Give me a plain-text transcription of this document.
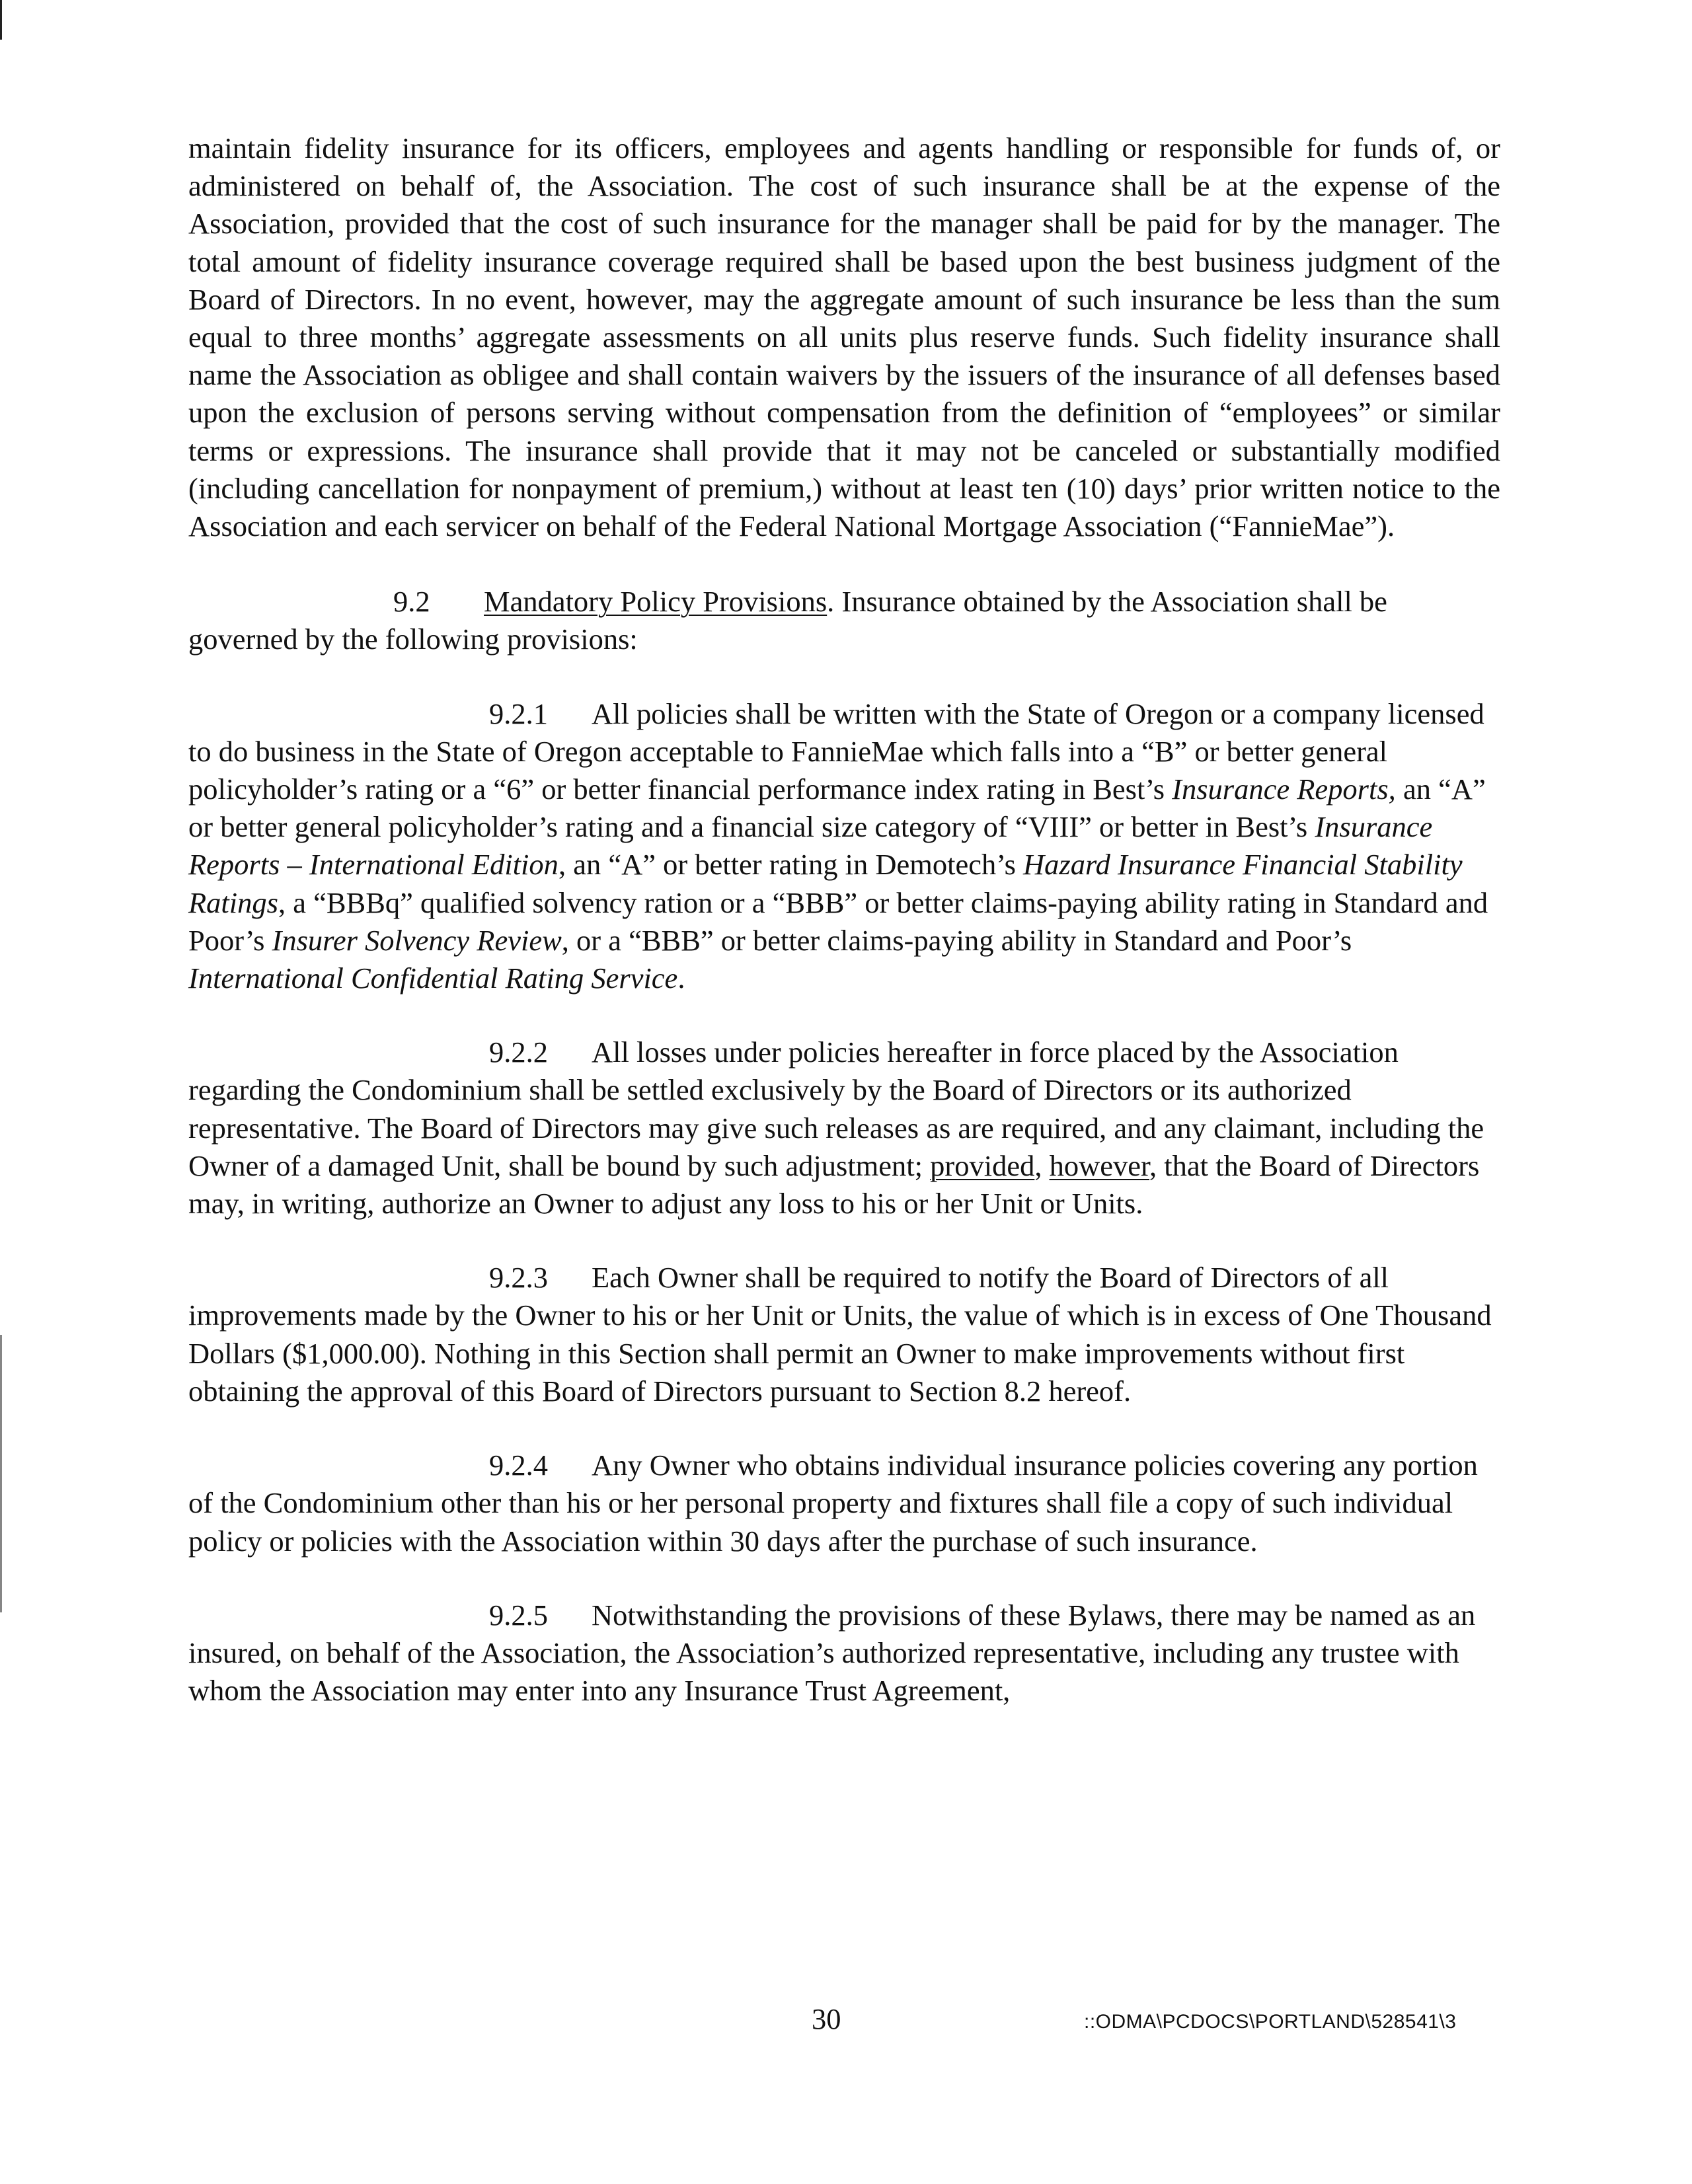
maintain fidelity insurance for its officers, employees and agents handling or responsible for funds of, or administered on behalf of, the Association. The cost of such insurance shall be at the expense of the Association, provided that the cost of such insurance for the manager shall be paid for by the manager. The total amount of fidelity insurance coverage required shall be based upon the best business judgment of the Board of Directors. In no event, however, may the aggregate amount of such insurance be less than the sum equal to three months’ aggregate assessments on all units plus reserve funds. Such fidelity insurance shall name the Association as obligee and shall contain waivers by the issuers of the insurance of all defenses based upon the exclusion of persons serving without compensation from the definition of “employees” or similar terms or expressions. The insurance shall provide that it may not be canceled or substantially modified (including cancellation for nonpayment of premium,) without at least ten (10) days’ prior written notice to the Association and each servicer on behalf of the Federal National Mortgage Association (“FannieMae”).

9.2 Mandatory Policy Provisions. Insurance obtained by the Association shall be governed by the following provisions:

9.2.1 All policies shall be written with the State of Oregon or a company licensed to do business in the State of Oregon acceptable to FannieMae which falls into a “B” or better general policyholder’s rating or a “6” or better financial performance index rating in Best’s Insurance Reports, an “A” or better general policyholder’s rating and a financial size category of “VIII” or better in Best’s Insurance Reports – International Edition, an “A” or better rating in Demotech’s Hazard Insurance Financial Stability Ratings, a “BBBq” qualified solvency ration or a “BBB” or better claims-paying ability rating in Standard and Poor’s Insurer Solvency Review, or a “BBB” or better claims-paying ability in Standard and Poor’s International Confidential Rating Service.

9.2.2 All losses under policies hereafter in force placed by the Association regarding the Condominium shall be settled exclusively by the Board of Directors or its authorized representative. The Board of Directors may give such releases as are required, and any claimant, including the Owner of a damaged Unit, shall be bound by such adjustment; provided, however, that the Board of Directors may, in writing, authorize an Owner to adjust any loss to his or her Unit or Units.

9.2.3 Each Owner shall be required to notify the Board of Directors of all improvements made by the Owner to his or her Unit or Units, the value of which is in excess of One Thousand Dollars ($1,000.00). Nothing in this Section shall permit an Owner to make improvements without first obtaining the approval of this Board of Directors pursuant to Section 8.2 hereof.

9.2.4 Any Owner who obtains individual insurance policies covering any portion of the Condominium other than his or her personal property and fixtures shall file a copy of such individual policy or policies with the Association within 30 days after the purchase of such insurance.

9.2.5 Notwithstanding the provisions of these Bylaws, there may be named as an insured, on behalf of the Association, the Association’s authorized representative, including any trustee with whom the Association may enter into any Insurance Trust Agreement,

30	::ODMA\PCDOCS\PORTLAND\528541\3
